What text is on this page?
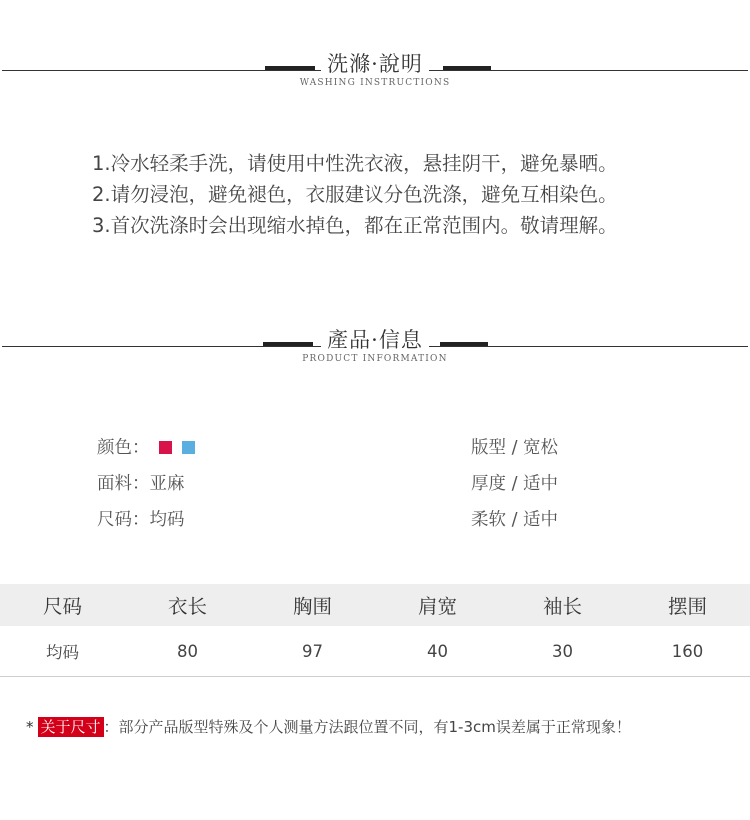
洗滌·說明
WASHING INSTRUCTIONS
1.冷水轻柔手洗，请使用中性洗衣液，悬挂阴干，避免暴晒。
2.请勿浸泡，避免褪色，衣服建议分色洗涤，避免互相染色。
3.首次洗涤时会出现缩水掉色，都在正常范围内。敬请理解。
產品·信息
PRODUCT INFORMATION
颜色：
面料：亚麻
尺码：均码
版型 / 宽松
厚度 / 适中
柔软 / 适中
尺码	衣长	胸围	肩宽	袖长	摆围
均码	80	97	40	30	160
* 关于尺寸 ：部分产品版型特殊及个人测量方法跟位置不同，有1-3cm误差属于正常现象！
